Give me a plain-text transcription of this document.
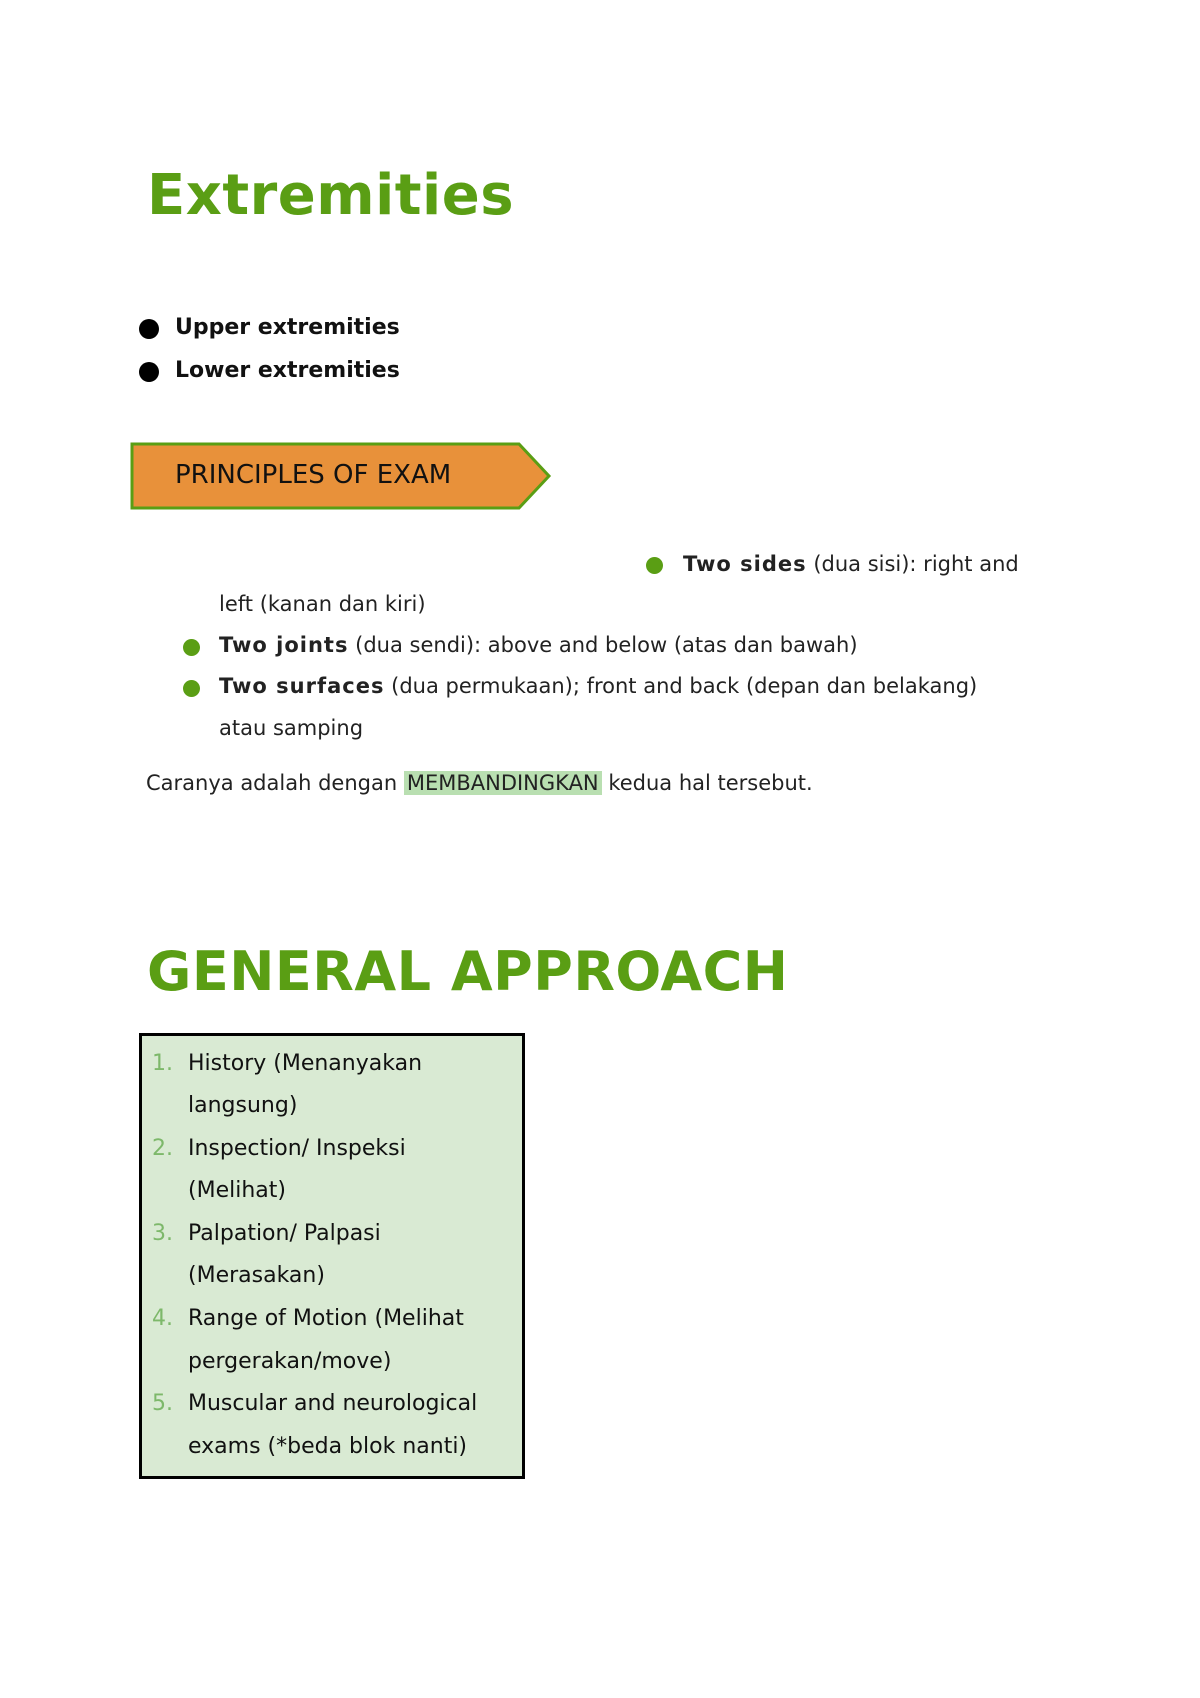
Extremities
Upper extremities
Lower extremities
PRINCIPLES OF EXAM
Two sides (dua sisi): right and
left (kanan dan kiri)
Two joints (dua sendi): above and below (atas dan bawah)
Two surfaces (dua permukaan); front and back (depan dan belakang)
atau samping
Caranya adalah dengan MEMBANDINGKAN kedua hal tersebut.
GENERAL APPROACH
1. History (Menanyakan
langsung)
2. Inspection/ Inspeksi
(Melihat)
3. Palpation/ Palpasi
(Merasakan)
4. Range of Motion (Melihat
pergerakan/move)
5. Muscular and neurological
exams (*beda blok nanti)
